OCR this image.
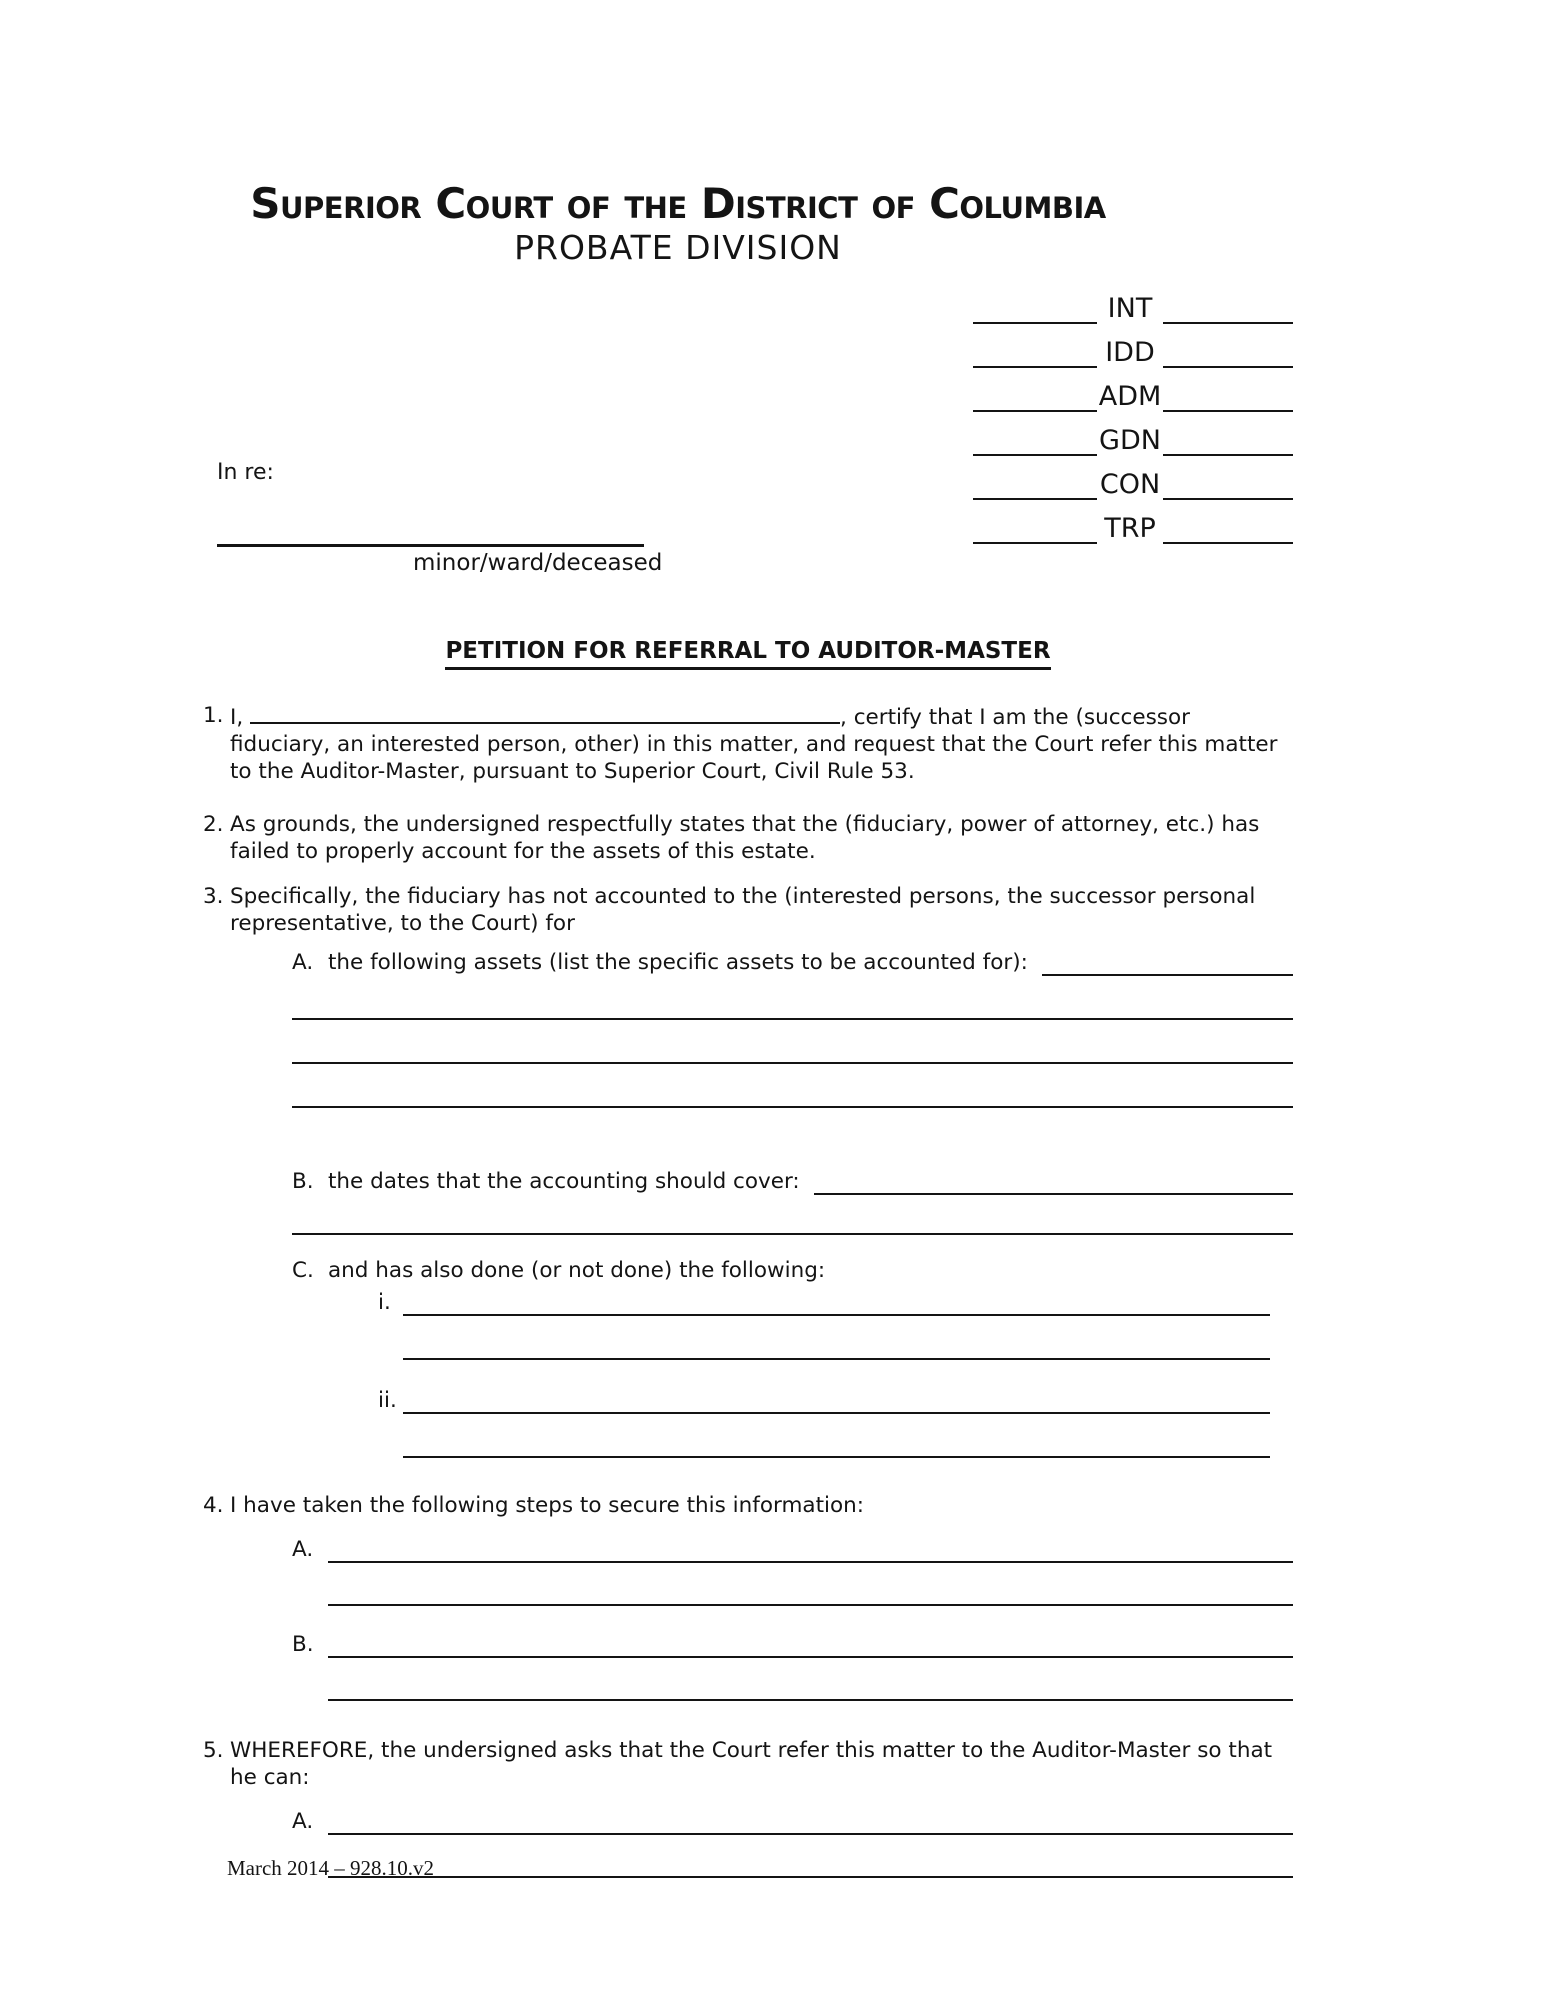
Superior Court of the District of Columbia
PROBATE DIVISION
INT
IDD
ADM
GDN
CON
TRP
In re:
minor/ward/deceased
PETITION FOR REFERRAL TO AUDITOR-MASTER
1. I,	, certify that I am the (successor fiduciary, an interested person, other) in this matter, and request that the Court refer this matter to the Auditor-Master, pursuant to Superior Court, Civil Rule 53.
2. As grounds, the undersigned respectfully states that the (fiduciary, power of attorney, etc.) has failed to properly account for the assets of this estate.
3. Specifically, the fiduciary has not accounted to the (interested persons, the successor personal representative, to the Court) for
A. the following assets (list the specific assets to be accounted for):
B. the dates that the accounting should cover:
C. and has also done (or not done) the following:
i.
ii.
4. I have taken the following steps to secure this information:
A.
B.
5. WHEREFORE, the undersigned asks that the Court refer this matter to the Auditor-Master so that he can:
A.
March 2014 – 928.10.v2
